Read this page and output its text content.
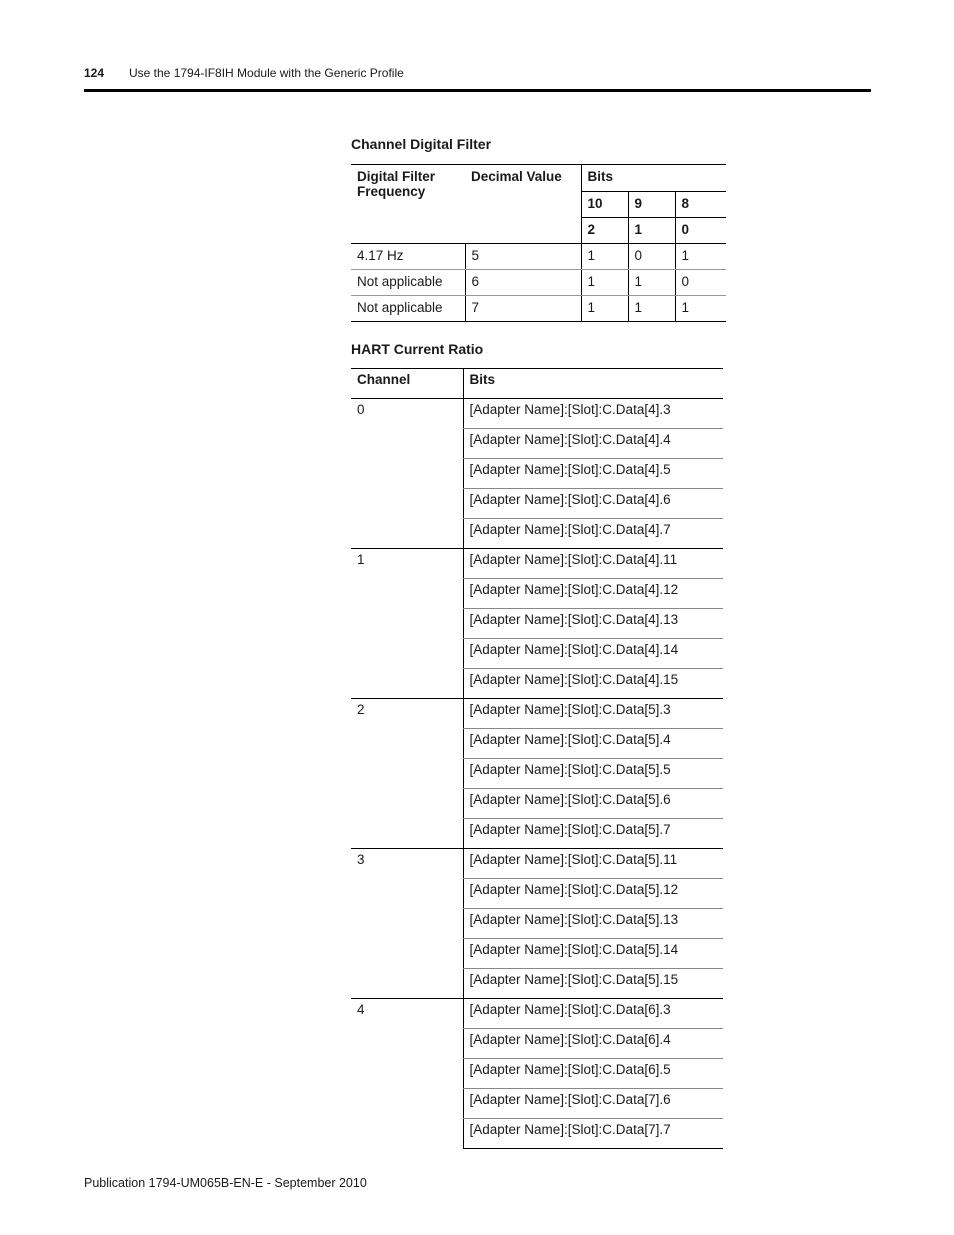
124 Use the 1794-IF8IH Module with the Generic Profile
Channel Digital Filter
Digital Filter Frequency	Decimal Value	Bits		
		10	9	8
		2	1	0
4.17 Hz	5	1	0	1
Not applicable	6	1	1	0
Not applicable	7	1	1	1
HART Current Ratio
Channel	Bits
0	[Adapter Name]:[Slot]:C.Data[4].3
	[Adapter Name]:[Slot]:C.Data[4].4
	[Adapter Name]:[Slot]:C.Data[4].5
	[Adapter Name]:[Slot]:C.Data[4].6
	[Adapter Name]:[Slot]:C.Data[4].7
1	[Adapter Name]:[Slot]:C.Data[4].11
	[Adapter Name]:[Slot]:C.Data[4].12
	[Adapter Name]:[Slot]:C.Data[4].13
	[Adapter Name]:[Slot]:C.Data[4].14
	[Adapter Name]:[Slot]:C.Data[4].15
2	[Adapter Name]:[Slot]:C.Data[5].3
	[Adapter Name]:[Slot]:C.Data[5].4
	[Adapter Name]:[Slot]:C.Data[5].5
	[Adapter Name]:[Slot]:C.Data[5].6
	[Adapter Name]:[Slot]:C.Data[5].7
3	[Adapter Name]:[Slot]:C.Data[5].11
	[Adapter Name]:[Slot]:C.Data[5].12
	[Adapter Name]:[Slot]:C.Data[5].13
	[Adapter Name]:[Slot]:C.Data[5].14
	[Adapter Name]:[Slot]:C.Data[5].15
4	[Adapter Name]:[Slot]:C.Data[6].3
	[Adapter Name]:[Slot]:C.Data[6].4
	[Adapter Name]:[Slot]:C.Data[6].5
	[Adapter Name]:[Slot]:C.Data[7].6
	[Adapter Name]:[Slot]:C.Data[7].7
Publication 1794-UM065B-EN-E - September 2010
